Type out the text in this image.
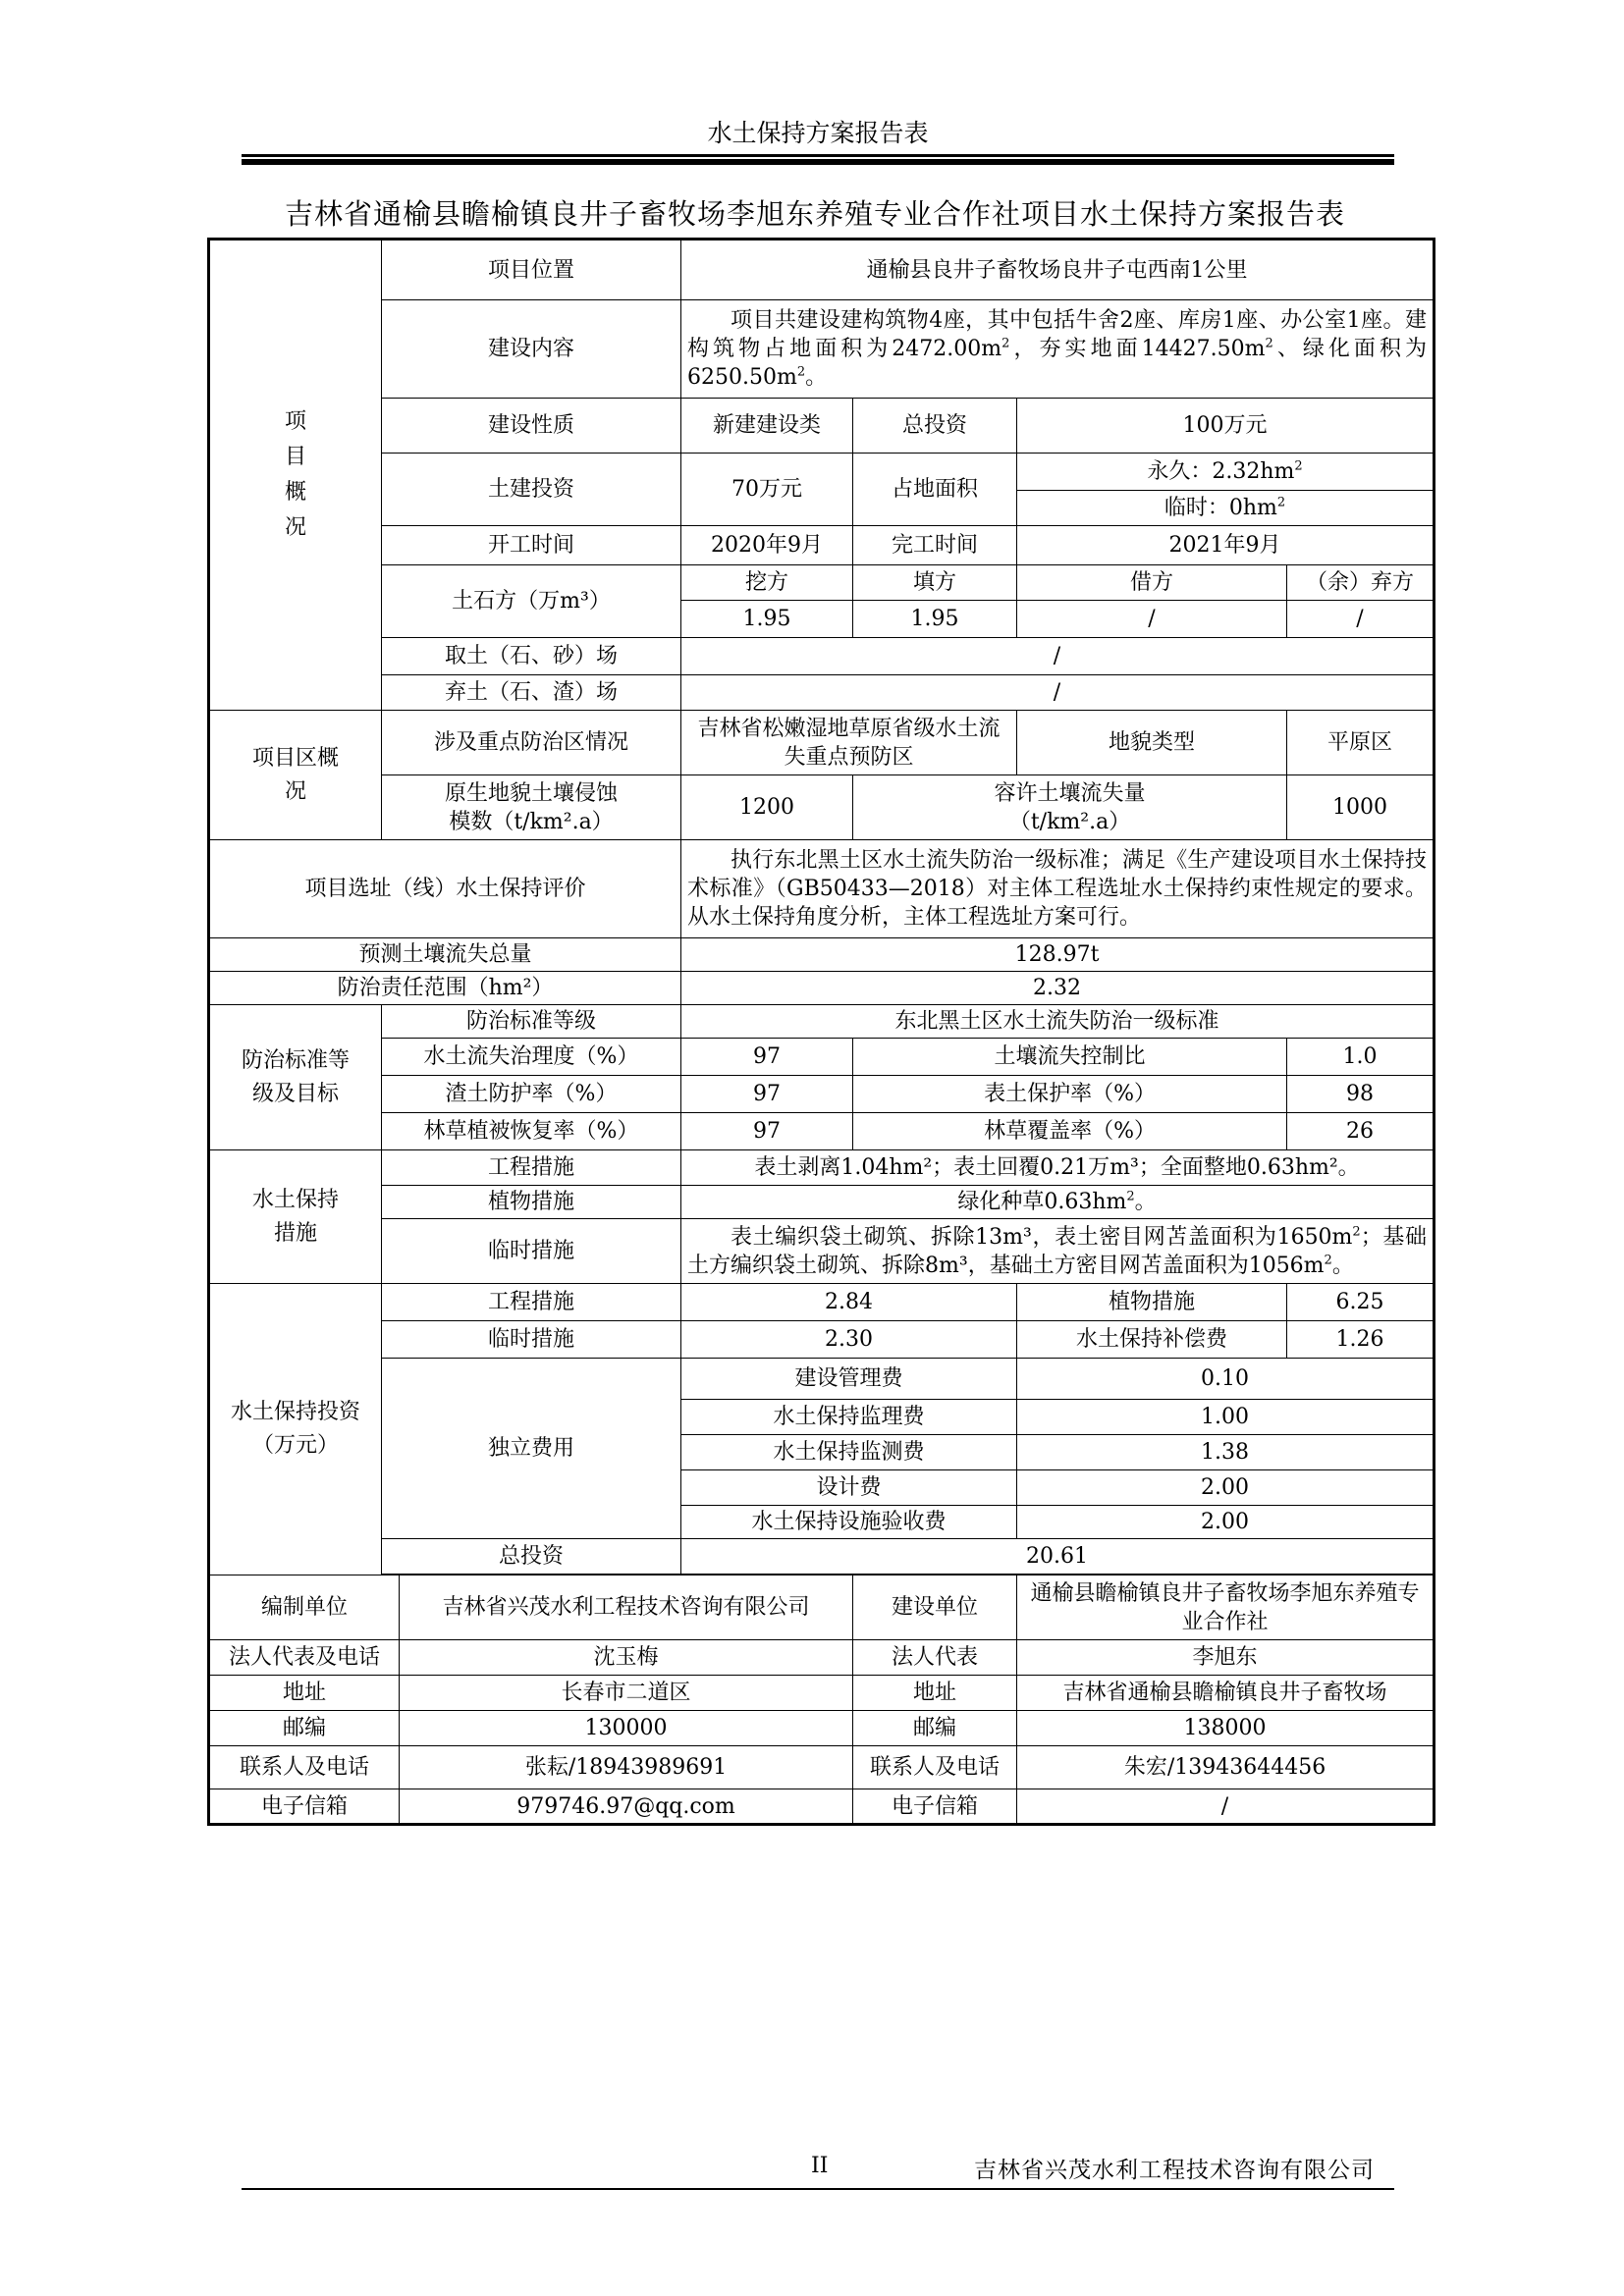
水土保持方案报告表
吉林省通榆县瞻榆镇良井子畜牧场李旭东养殖专业合作社项目水土保持方案报告表
项目概况	项目位置		通榆县良井子畜牧场良井子屯西南1公里			
	建设内容		项目共建设建构筑物4座，其中包括牛舍2座、库房1座、办公室1座。建构筑物占地面积为$2472.00m^2$，夯实地面$14427.50m^2$、绿化面积为$6250.50m^2$。			
	建设性质		新建建设类	总投资	100万元	
	土建投资		70万元	占地面积	永久：$2.32hm^2$
					临时：$0hm^2$
	开工时间		2020年9月	完工时间	2021年9月	
	土石方（万m³）		挖方	填方	借方	（余）弃方
			1.95	1.95	/	/
	取土（石、砂）场		/			
	弃土（石、渣）场		/			

项目区概况	涉及重点防治区情况		吉林省松嫩湿地草原省级水土流失重点预防区		地貌类型	平原区

	原生地貌土壤侵蚀模数（t/km².a）		1200	容许土壤流失量（t/km².a）		1000
项目选址（线）水土保持评价			执行东北黑土区水土流失防治一级标准；满足《生产建设项目水土保持技术标准》（GB50433—2018）对主体工程选址水土保持约束性规定的要求。从水土保持角度分析，主体工程选址方案可行。			
预测土壤流失总量			128.97t			
防治责任范围（hm²）			2.32			

防治标准等级及目标	防治标准等级		东北黑土区水土流失防治一级标准			
	水土流失治理度（%）		97	土壤流失控制比		1.0
	渣土防护率（%）		97	表土保护率（%）		98
	林草植被恢复率（%）		97	林草覆盖率（%）		26

水土保持措施	工程措施		表土剥离1.04hm²；表土回覆0.21万m³；全面整地0.63hm²。			
	植物措施		绿化种草$0.63hm^2$。			
	临时措施		表土编织袋土砌筑、拆除13m³，表土密目网苫盖面积为$1650m^2$；基础土方编织袋土砌筑、拆除8m³，基础土方密目网苫盖面积为$1056m^2$。			

水土保持投资（万元）	工程措施		2.84		植物措施	6.25
	临时措施		2.30		水土保持补偿费	1.26
	独立费用		建设管理费		0.10	
			水土保持监理费		1.00	
			水土保持监测费		1.38	
			设计费		2.00	
			水土保持设施验收费		2.00	
	总投资		20.61			

编制单位		吉林省兴茂水利工程技术咨询有限公司		建设单位	通榆县瞻榆镇良井子畜牧场李旭东养殖专业合作社	
法人代表及电话		沈玉梅		法人代表	李旭东	
地址		长春市二道区		地址	吉林省通榆县瞻榆镇良井子畜牧场	
邮编		130000		邮编	138000	
联系人及电话		张耘/18943989691		联系人及电话	朱宏/13943644456	
电子信箱		979746.97@qq.com		电子信箱	/	
II	吉林省兴茂水利工程技术咨询有限公司
